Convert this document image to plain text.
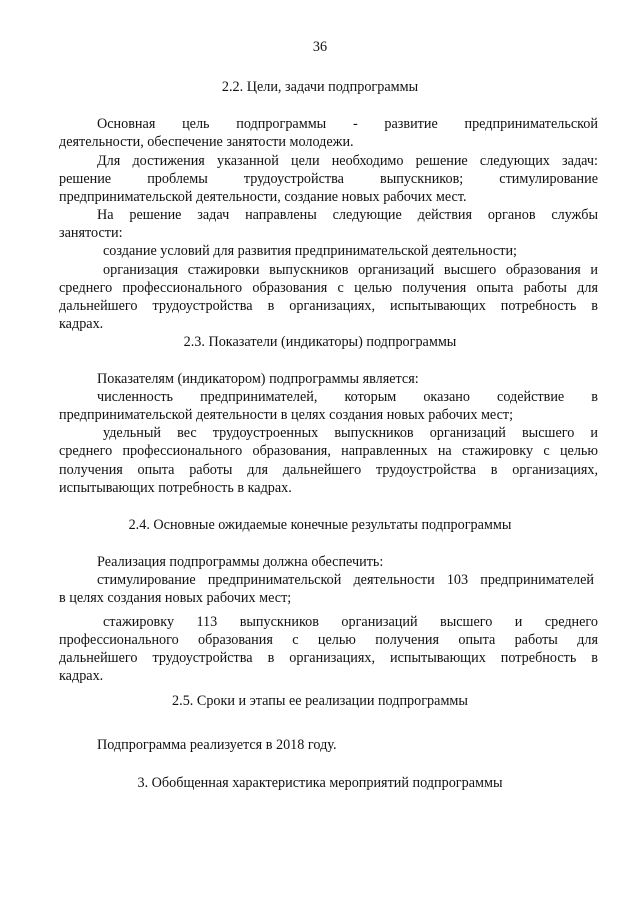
36
2.2. Цели, задачи подпрограммы
Основная цель подпрограммы - развитие предпринимательской
деятельности, обеспечение занятости молодежи.
Для достижения указанной цели необходимо решение следующих задач:
решение проблемы трудоустройства выпускников; стимулирование
предпринимательской деятельности, создание новых рабочих мест.
На решение задач направлены следующие действия органов службы
занятости:
создание условий для развития предпринимательской деятельности;
организация стажировки выпускников организаций высшего образования и
среднего профессионального образования с целью получения опыта работы для
дальнейшего трудоустройства в организациях, испытывающих потребность в
кадрах.
2.3. Показатели (индикаторы) подпрограммы
Показателям (индикатором) подпрограммы является:
численность предпринимателей, которым оказано содействие в
предпринимательской деятельности в целях создания новых рабочих мест;
удельный вес трудоустроенных выпускников организаций высшего и
среднего профессионального образования, направленных на стажировку с целью
получения опыта работы для дальнейшего трудоустройства в организациях,
испытывающих потребность в кадрах.
2.4. Основные ожидаемые конечные результаты подпрограммы
Реализация подпрограммы должна обеспечить:
стимулирование предпринимательской деятельности 103 предпринимателей
в целях создания новых рабочих мест;
стажировку 113 выпускников организаций высшего и среднего
профессионального образования с целью получения опыта работы для
дальнейшего трудоустройства в организациях, испытывающих потребность в
кадрах.
2.5. Сроки и этапы ее реализации подпрограммы
Подпрограмма реализуется в 2018 году.
3. Обобщенная характеристика мероприятий подпрограммы
